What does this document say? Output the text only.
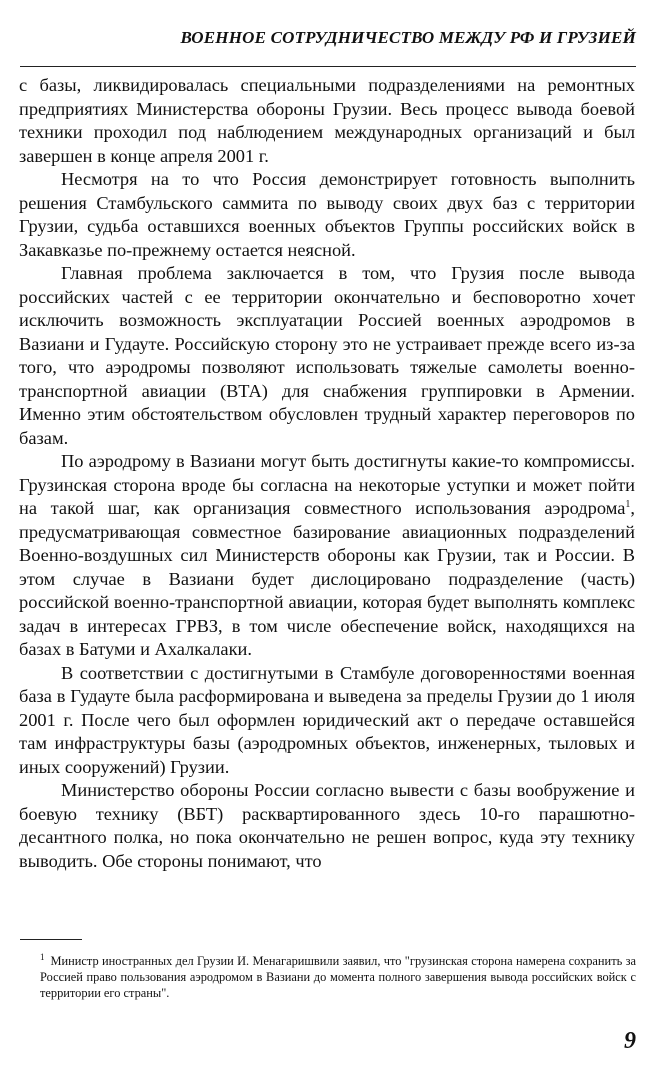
ВОЕННОЕ СОТРУДНИЧЕСТВО МЕЖДУ РФ И ГРУЗИЕЙ

с базы, ликвидировалась специальными подразделениями на ремонтных предприятиях Министерства обороны Грузии. Весь процесс вывода боевой техники проходил под наблюдением международных организаций и был завершен в конце апреля 2001 г.

Несмотря на то что Россия демонстрирует готовность выполнить решения Стамбульского саммита по выводу своих двух баз с территории Грузии, судьба оставшихся военных объектов Группы российских войск в Закавказье по-прежнему остается неясной.

Главная проблема заключается в том, что Грузия после вывода российских частей с ее территории окончательно и бесповоротно хочет исключить возможность эксплуатации Россией военных аэродромов в Вазиани и Гудауте. Российскую сторону это не устраивает прежде всего из-за того, что аэродромы позволяют использовать тяжелые самолеты военно-транспортной авиации (ВТА) для снабжения группировки в Армении. Именно этим обстоятельством обусловлен трудный характер переговоров по базам.

По аэродрому в Вазиани могут быть достигнуты какие-то компромиссы. Грузинская сторона вроде бы согласна на некоторые уступки и может пойти на такой шаг, как организация совместного использования аэродрома$^1$, предусматривающая совместное базирование авиационных подразделений Военно-воздушных сил Министерств обороны как Грузии, так и России. В этом случае в Вазиани будет дислоцировано подразделение (часть) российской военно-транспортной авиации, которая будет выполнять комплекс задач в интересах ГРВЗ, в том числе обеспечение войск, находящихся на базах в Батуми и Ахалкалаки.

В соответствии с достигнутыми в Стамбуле договоренностями военная база в Гудауте была расформирована и выведена за пределы Грузии до 1 июля 2001 г. После чего был оформлен юридический акт о передаче оставшейся там инфраструктуры базы (аэродромных объектов, инженерных, тыловых и иных сооружений) Грузии.

Министерство обороны России согласно вывести с базы вообружение и боевую технику (ВБТ) расквартированного здесь 10-го парашютно-десантного полка, но пока окончательно не решен вопрос, куда эту технику выводить. Обе стороны понимают, что

$^1$ Министр иностранных дел Грузии И. Менагаришвили заявил, что "грузинская сторона намерена сохранить за Россией право пользования аэродромом в Вазиани до момента полного завершения вывода российских войск с территории его страны".
9
